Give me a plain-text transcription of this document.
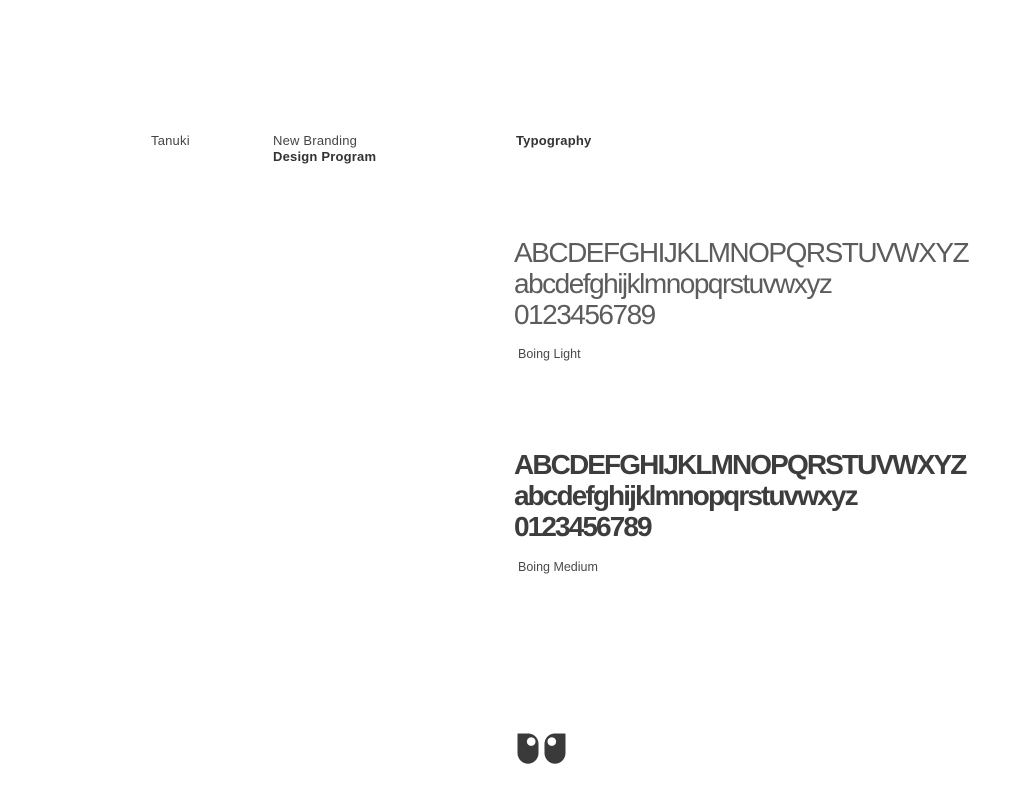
Tanuki	New Branding
Design Program
Typography
ABCDEFGHIJKLMNOPQRSTUVWXYZ
abcdefghijklmnopqrstuvwxyz
0123456789
Boing Light
ABCDEFGHIJKLMNOPQRSTUVWXYZ
abcdefghijklmnopqrstuvwxyz
0123456789
Boing Medium
